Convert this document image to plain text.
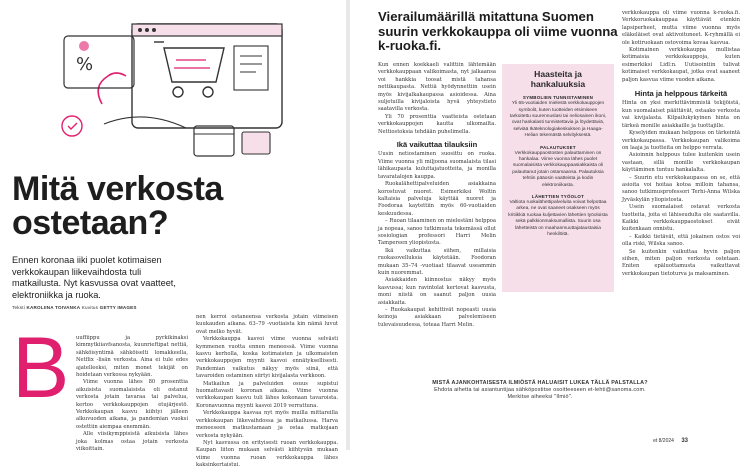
%
Mitä verkosta
ostetaan?
Ennen koronaa iiki puolet kotimaisen verkkokaupan liikevaihdosta tuli matkailusta. Nyt kasvussa ovat vaatteet, elektroniikka ja ruoka.
Teksti KAROLIINA TOIVANKA Kuvitus GETTY IMAGES
B uuffiippu ja pyrkikinaksi kimmytkiiavfsanosta, kuunrieftipat nettiä, sähköisyntimä sähköiselti lomakkeella, Netflix -lisän verkosta. Aina ei tule edes ajatelleeksi, miten monet tekijät on hoidetaan verkossa nykyään.

Viime vuonna lähes 80 prosenttia aikuisista suomalaisista oli ostanut verkosta jotain tavaraa tai palvelua, kertoo verkkokauppojen etujärjestö. Verkkokaupan kasvu kiihtyi jälleen alkuvuoden aikana, ja pandemian vuoksi ostettiin aiempaa enemmän.

Alle viisikymppisistä aikuisista lähes joka kolmas ostaa jotain verkosta viikoittain.

nen kerroi ostaneensa verkosta jotain viimeisen kuukauden aikana. 63–79 -vuotiaista kin nämä luvut ovat melko hyvät.

Verkkokauppa kasvoi viime vuonna selvästi kymmenen vuotta ennen meneessä. Viime vuonna kasvu kerholla, koska kotimaisten ja ulkomaisten verkkokauppojen myynti kasvoi ennätyksellisesti. Pandemian vaikutus näkyy myös siinä, että tavaroiden ostaminen siirtyi kivijalasta verkkoon.

Matkailun ja palveluiden osuus supistui huomattavasti koronan aikana. Viime vuonna verkkokaupan kasvu tuli lähes kokonaan tavaroista. Koronavuonna myynti kasvoi 2019 verrattuna.

Verkkokauppa kasvaa nyt myös muilla mittareilla verkkokaupan liikevaihdossa ja matkailussa. Harva meneeseen matkustamaan ja ostaa matkojaan verkosta nykyään.

Nyt kasvussa on erityisesti ruoan verkkokauppa. Kaupan liiton mukaan selvästi kiihtyvän mukaan viime vuonna ruoan verkkokauppa lähes kaksinkertaistui.

Vierailumäärillä mitattuna Suomen suurin verkkokauppa oli viime vuonna k-ruoka.fi.

Kun ennen koekkaeli valittiin lähtemään verkkokauppaan valikoimasta, nyt jalkaansa voi hankkia toosat mistä tahansa nettikaupasta. Nettiä hyödynnettiin usein myös kivijalkakaupassa asioidessa. Aina suljetuilla kivijaloista hyvä yhteystieto saatavilla verkosta.

Yli 70 prosenttia vaatteista ostetaan verkkokauppojen kautta ulkomailta. Nettiostoksia tehdään puhelimella.

Ikä vaikuttaa tilauksiin

Uusin netiostaminen suosittu on ruoka. Viime vuonna yli miljoona suomalaista tilasi lähikaupasta kuluttajatuotteita, ja monilla tavaratalojen kauppa.

Ruokalähettipalveluiden asiakkaina korostuvat nuoret. Esimerkiksi Woltin kaltaisia palveluja käyttää nuoret ja Foodoraa kaytettiin myös 60-vuotiaiden keskuudessa.

– Ruoan tilaaminen on mielestäni helppoa ja nopeaa, sanoo tutkimusta tekemässä ollut sosiologian professori Harri Melin Tampereen yliopistosta.

Ikä vaikuttaa siihen, millaisia ruokasovelluksia käytetään. Foodoran mukaan 35–74 -vuotiaat tilaavat useammin kuin nuoremmat.

Asiakkaiden kiinnostus näkyy myös kasvussa; kun ravintolat kertovat kasvusta, moni niistä on saanut paljon uusia asiakkaita.

– Ruokakaupat kehittivät nopeasti uusia keinoja asiakkaan palvelemiseen tulevaisuudessa, toteaa Harri Melin.

Haasteita ja hankaluuksia
SYMBOLIEN TUNNISTAMINEN

Yli 65-vuotiaiden mielestä verkkokauppojen symbolit, kuten tuotteiden etsimiseen tarkoitettu suurennuslasi tai neliosainen ikoni, ovat hankalasti tunnistettavia ja löydettäviä, selviää Ikäteknologiakeskuksen ja Haaga-Helian tekemästä selvityksestä.

PALAUTUKSET

Verkkokauppaostosten palauttaminen on hankalaa. Viime vuonna lähes puolet suomalaisista verkkokauppaasiakkaista oli palauttanut jotain ostamaansa. Palautuksia tehtiin pääosin vaatteista ja kodin elektroniikasta.

LÄHETTIEN TYÖOLOT

Valtiota ruokalähettipalveluita voivat helpottaa arkea, ne ovat saaneet osakseen myös kritiikkiä ruokaa kuljettavien lähettien työoloista sekä palkkionmaksumallista. Suurin osa lähetteistä on maahanmuuttajataustaisia henkilöitä.

verkkokauppa oli viime vuonna k-ruoka.fi. Verkkoruokakauppaa käyttävät etenkin lapsiperheet, mutta viime vuonna myös eläkeläiset ovat aktivoituneet. K-ryhmällä ei ole kotiruokaan ostovoima kovaa kasvua.

Kotimainen verkkokauppa mullistaa kotimaisia verkkokauppoja, kuten esimerkiksi Lidl:n. Uutisointiin tulivat kotimaiset verkkokaupat, jotka ovat saaneet paljon kasvua viime vuoden aikana.

Hinta ja helppous tärkeitä

Hinta on yksi merkittävimmistä tekijöistä, kun suomalaiset päättävät, ostaako verkosta vai kivijalasta. Kilpailukykyinen hinta on tärkeä monille asiakkaille ja tuottajille.

Kyselyiden mukaan helppous on tärkeintä verkkokaupassa. Verkkokaupan valikoima on laaja ja tuotteita on helppo verrata.

Asioinnin helppous tulee kuitenkin usein vastaan, sillä monille verkkokaupan käyttäminen tuntuu hankalalta.

– Suurin etu verkkokaupassa on se, että asioita voi hoitaa kotoa milloin tahansa, sanoo tutkimusprofessori Terhi-Anna Wilska Jyväskylän yliopistosta.

Usein suomalaiset ostavat verkosta tuotteita, joita ei lähiseudulta ole saatavilla. Kaikki verkkokauppaostokset eivät kuitenkaan onnistu.

– Kaikki tietävät, että jokainen ostos voi olla riski, Wilska sanoo.

Se kuitenkin vaikuttaa hyvin paljon siihen, miten paljon verkosta ostetaan. Eniten epäluottamusta vaikuttavat verkkokaupan tietoturva ja maksaminen.

MISTÄ AJANKOHTAISESTA ILMIÖSTÄ HALUAISIT LUKEA TÄLLÄ PALSTALLA?
Ehdota aihetta tai asiantuntijaa sähköpostitse osoitteeseen et-lehti@sanoma.com.
Merkitse aiheeksi "Ilmiö".
et 8/2024 33
